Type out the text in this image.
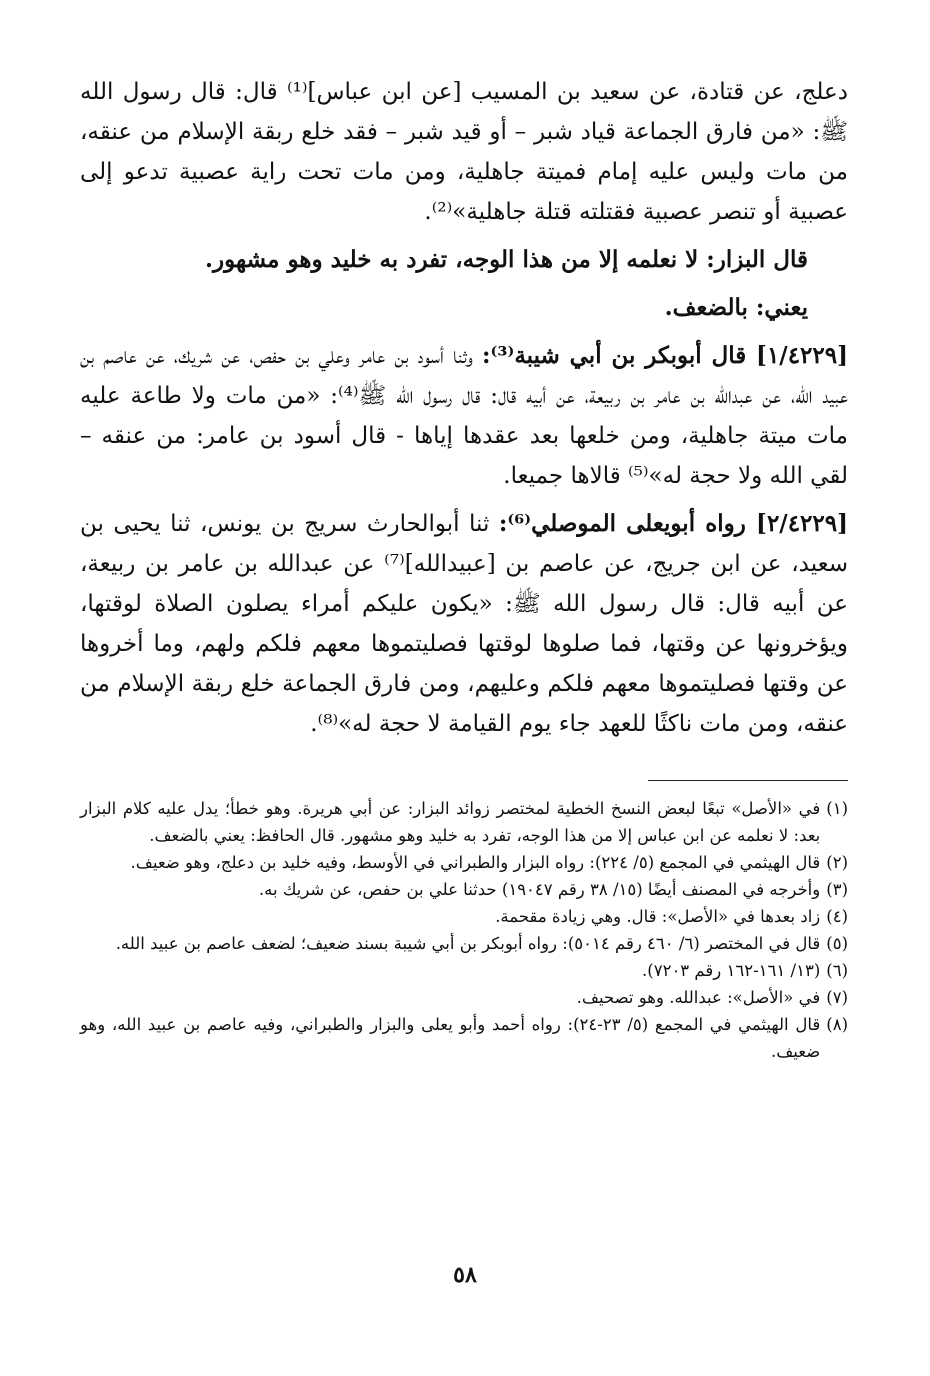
دعلج، عن قتادة، عن سعيد بن المسيب [عن ابن عباس]⁽¹⁾ قال: قال رسول الله ﷺ: «من فارق الجماعة قياد شبر – أو قيد شبر – فقد خلع ربقة الإسلام من عنقه، من مات وليس عليه إمام فميتة جاهلية، ومن مات تحت راية عصبية تدعو إلى عصبية أو تنصر عصبية فقتلته قتلة جاهلية»⁽²⁾.

قال البزار: لا نعلمه إلا من هذا الوجه، تفرد به خليد وهو مشهور.

يعني: بالضعف.

[١/٤٢٢٩] قال أبوبكر بن أبي شيبة⁽³⁾: وثنا أسود بن عامر وعلي بن حفص، عن شريك، عن عاصم بن عبيد الله، عن عبدالله بن عامر بن ربيعة، عن أبيه قال: قال رسول الله ﷺ⁽⁴⁾: «من مات ولا طاعة عليه مات ميتة جاهلية، ومن خلعها بعد عقدها إياها - قال أسود بن عامر: من عنقه – لقي الله ولا حجة له»⁽⁵⁾ قالاها جميعا.

[٢/٤٢٢٩] رواه أبويعلى الموصلي⁽⁶⁾: ثنا أبوالحارث سريج بن يونس، ثنا يحيى بن سعيد، عن ابن جريج، عن عاصم بن [عبيدالله]⁽⁷⁾ عن عبدالله بن عامر بن ربيعة، عن أبيه قال: قال رسول الله ﷺ: «يكون عليكم أمراء يصلون الصلاة لوقتها، ويؤخرونها عن وقتها، فما صلوها لوقتها فصليتموها معهم فلكم ولهم، وما أخروها عن وقتها فصليتموها معهم فلكم وعليهم، ومن فارق الجماعة خلع ربقة الإسلام من عنقه، ومن مات ناكثًا للعهد جاء يوم القيامة لا حجة له»⁽⁸⁾.

(١)
في «الأصل» تبعًا لبعض النسخ الخطية لمختصر زوائد البزار: عن أبي هريرة. وهو خطأ؛ يدل عليه كلام البزار بعد: لا نعلمه عن ابن عباس إلا من هذا الوجه، تفرد به خليد وهو مشهور. قال الحافظ: يعني بالضعف.
(٢)
قال الهيثمي في المجمع (٥/ ٢٢٤): رواه البزار والطبراني في الأوسط، وفيه خليد بن دعلج، وهو ضعيف.
(٣)
وأخرجه في المصنف أيضًا (١٥/ ٣٨ رقم ١٩٠٤٧) حدثنا علي بن حفص، عن شريك به.
(٤)
زاد بعدها في «الأصل»: قال. وهي زيادة مقحمة.
(٥)
قال في المختصر (٦/ ٤٦٠ رقم ٥٠١٤): رواه أبوبكر بن أبي شيبة بسند ضعيف؛ لضعف عاصم بن عبيد الله.
(٦)
(١٣/ ١٦١-١٦٢ رقم ٧٢٠٣).
(٧)
في «الأصل»: عبدالله. وهو تصحيف.
(٨)
قال الهيثمي في المجمع (٥/ ٢٣-٢٤): رواه أحمد وأبو يعلى والبزار والطبراني، وفيه عاصم بن عبيد الله، وهو ضعيف.
٥٨
